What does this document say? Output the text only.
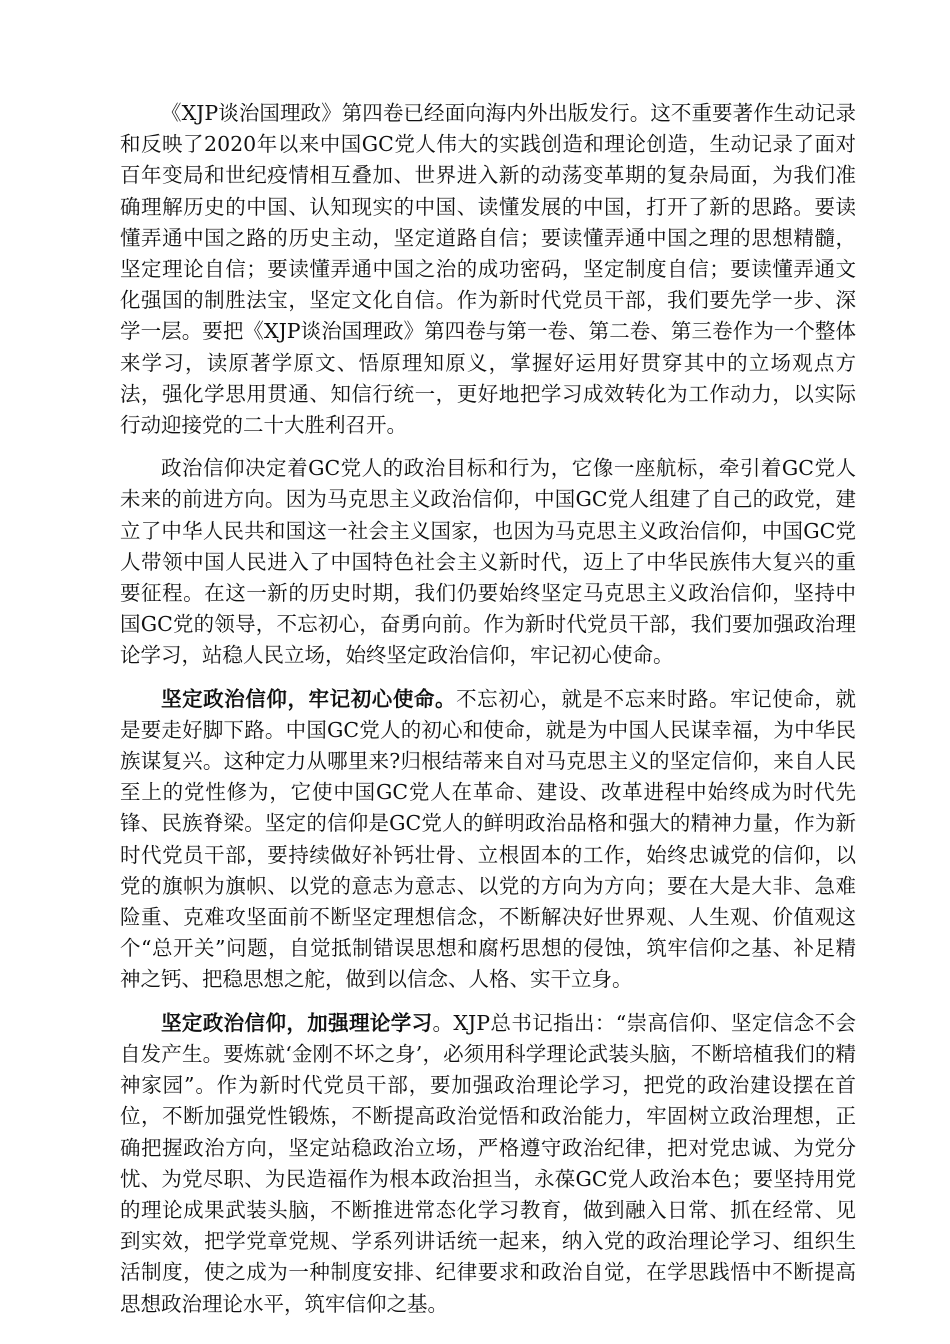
《XJP谈治国理政》第四卷已经面向海内外出版发行。这不重要著作生动记录和反映了2020年以来中国GC党人伟大的实践创造和理论创造，生动记录了面对百年变局和世纪疫情相互叠加、世界进入新的动荡变革期的复杂局面，为我们准确理解历史的中国、认知现实的中国、读懂发展的中国，打开了新的思路。要读懂弄通中国之路的历史主动，坚定道路自信；要读懂弄通中国之理的思想精髓，坚定理论自信；要读懂弄通中国之治的成功密码，坚定制度自信；要读懂弄通文化强国的制胜法宝，坚定文化自信。作为新时代党员干部，我们要先学一步、深学一层。要把《XJP谈治国理政》第四卷与第一卷、第二卷、第三卷作为一个整体来学习，读原著学原文、悟原理知原义，掌握好运用好贯穿其中的立场观点方法，强化学思用贯通、知信行统一，更好地把学习成效转化为工作动力，以实际行动迎接党的二十大胜利召开。

政治信仰决定着GC党人的政治目标和行为，它像一座航标，牵引着GC党人未来的前进方向。因为马克思主义政治信仰，中国GC党人组建了自己的政党，建立了中华人民共和国这一社会主义国家，也因为马克思主义政治信仰，中国GC党人带领中国人民进入了中国特色社会主义新时代，迈上了中华民族伟大复兴的重要征程。在这一新的历史时期，我们仍要始终坚定马克思主义政治信仰，坚持中国GC党的领导，不忘初心，奋勇向前。作为新时代党员干部，我们要加强政治理论学习，站稳人民立场，始终坚定政治信仰，牢记初心使命。

坚定政治信仰，牢记初心使命。不忘初心，就是不忘来时路。牢记使命，就是要走好脚下路。中国GC党人的初心和使命，就是为中国人民谋幸福，为中华民族谋复兴。这种定力从哪里来?归根结蒂来自对马克思主义的坚定信仰，来自人民至上的党性修为，它使中国GC党人在革命、建设、改革进程中始终成为时代先锋、民族脊梁。坚定的信仰是GC党人的鲜明政治品格和强大的精神力量，作为新时代党员干部，要持续做好补钙壮骨、立根固本的工作，始终忠诚党的信仰，以党的旗帜为旗帜、以党的意志为意志、以党的方向为方向；要在大是大非、急难险重、克难攻坚面前不断坚定理想信念，不断解决好世界观、人生观、价值观这个“总开关”问题，自觉抵制错误思想和腐朽思想的侵蚀，筑牢信仰之基、补足精神之钙、把稳思想之舵，做到以信念、人格、实干立身。

坚定政治信仰，加强理论学习。XJP总书记指出：“崇高信仰、坚定信念不会自发产生。要炼就‘金刚不坏之身’，必须用科学理论武装头脑，不断培植我们的精神家园”。作为新时代党员干部，要加强政治理论学习，把党的政治建设摆在首位，不断加强党性锻炼，不断提高政治觉悟和政治能力，牢固树立政治理想，正确把握政治方向，坚定站稳政治立场，严格遵守政治纪律，把对党忠诚、为党分忧、为党尽职、为民造福作为根本政治担当，永葆GC党人政治本色；要坚持用党的理论成果武装头脑，不断推进常态化学习教育，做到融入日常、抓在经常、见到实效，把学党章党规、学系列讲话统一起来，纳入党的政治理论学习、组织生活制度，使之成为一种制度安排、纪律要求和政治自觉，在学思践悟中不断提高思想政治理论水平，筑牢信仰之基。
